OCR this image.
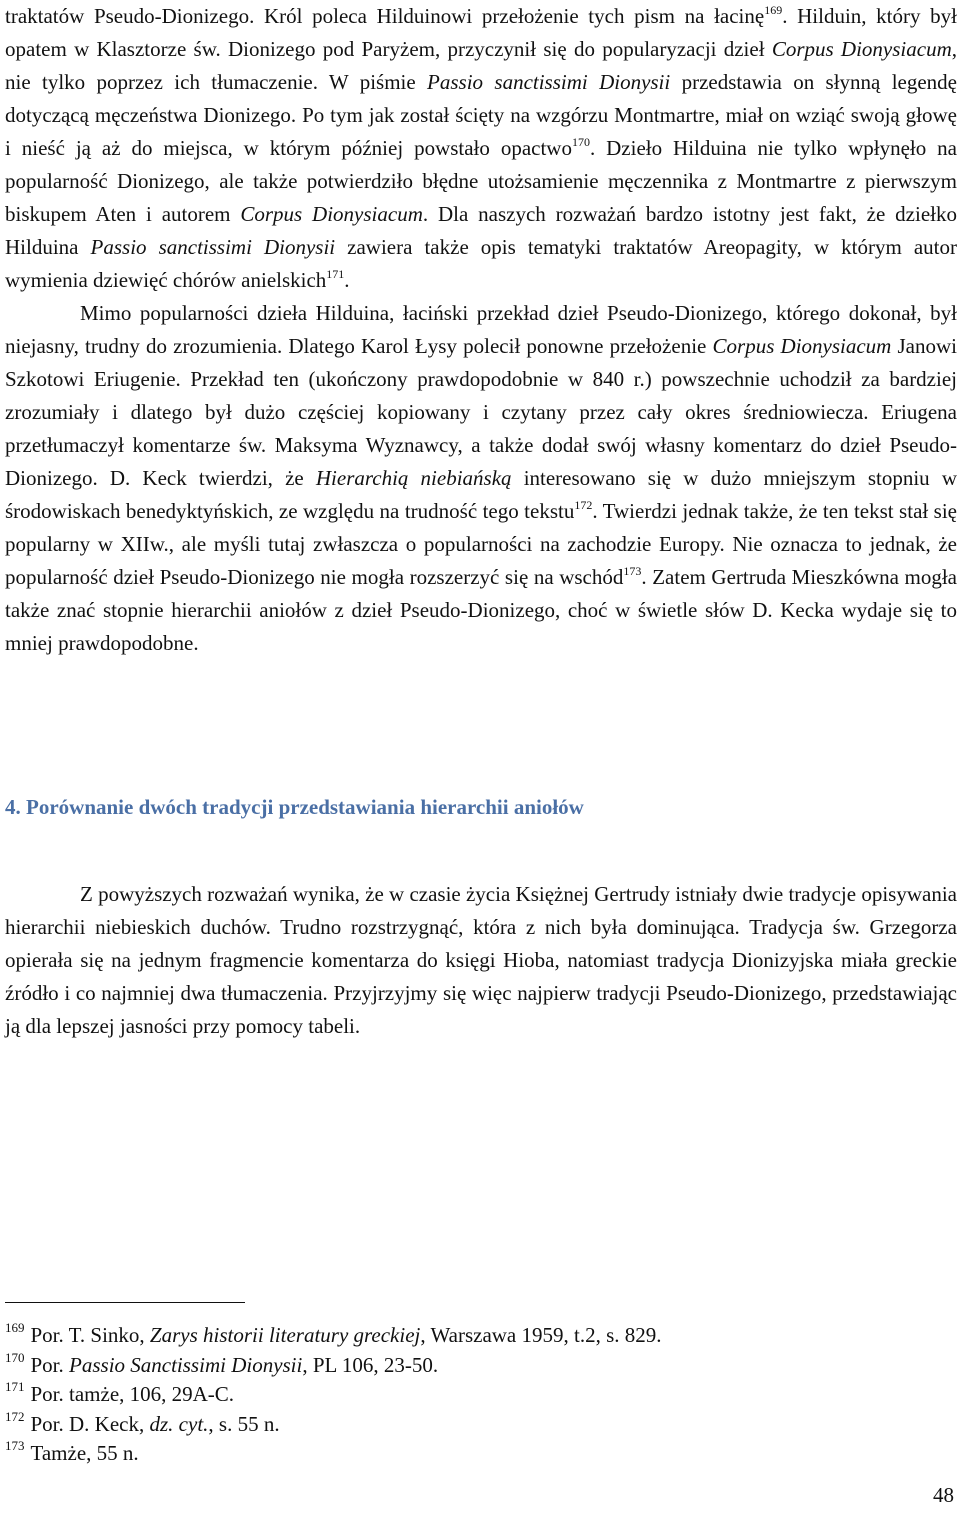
traktatów Pseudo-Dionizego. Król poleca Hilduinowi przełożenie tych pism na łacinę$^{169}$. Hilduin, który był opatem w Klasztorze św. Dionizego pod Paryżem, przyczynił się do popularyzacji dzieł Corpus Dionysiacum, nie tylko poprzez ich tłumaczenie. W piśmie Passio sanctissimi Dionysii przedstawia on słynną legendę dotyczącą męczeństwa Dionizego. Po tym jak został ścięty na wzgórzu Montmartre, miał on wziąć swoją głowę i nieść ją aż do miejsca, w którym później powstało opactwo$^{170}$. Dzieło Hilduina nie tylko wpłynęło na popularność Dionizego, ale także potwierdziło błędne utożsamienie męczennika z Montmartre z pierwszym biskupem Aten i autorem Corpus Dionysiacum. Dla naszych rozważań bardzo istotny jest fakt, że dziełko Hilduina Passio sanctissimi Dionysii zawiera także opis tematyki traktatów Areopagity, w którym autor wymienia dziewięć chórów anielskich$^{171}$.

Mimo popularności dzieła Hilduina, łaciński przekład dzieł Pseudo-Dionizego, którego dokonał, był niejasny, trudny do zrozumienia. Dlatego Karol Łysy polecił ponowne przełożenie Corpus Dionysiacum Janowi Szkotowi Eriugenie. Przekład ten (ukończony prawdopodobnie w 840 r.) powszechnie uchodził za bardziej zrozumiały i dlatego był dużo częściej kopiowany i czytany przez cały okres średniowiecza. Eriugena przetłumaczył komentarze św. Maksyma Wyznawcy, a także dodał swój własny komentarz do dzieł Pseudo-Dionizego. D. Keck twierdzi, że Hierarchią niebiańską interesowano się w dużo mniejszym stopniu w środowiskach benedyktyńskich, ze względu na trudność tego tekstu$^{172}$. Twierdzi jednak także, że ten tekst stał się popularny w XIIw., ale myśli tutaj zwłaszcza o popularności na zachodzie Europy. Nie oznacza to jednak, że popularność dzieł Pseudo-Dionizego nie mogła rozszerzyć się na wschód$^{173}$. Zatem Gertruda Mieszkówna mogła także znać stopnie hierarchii aniołów z dzieł Pseudo-Dionizego, choć w świetle słów D. Kecka wydaje się to mniej prawdopodobne.

4. Porównanie dwóch tradycji przedstawiania hierarchii aniołów

Z powyższych rozważań wynika, że w czasie życia Księżnej Gertrudy istniały dwie tradycje opisywania hierarchii niebieskich duchów. Trudno rozstrzygnąć, która z nich była dominująca. Tradycja św. Grzegorza opierała się na jednym fragmencie komentarza do księgi Hioba, natomiast tradycja Dionizyjska miała greckie źródło i co najmniej dwa tłumaczenia. Przyjrzyjmy się więc najpierw tradycji Pseudo-Dionizego, przedstawiając ją dla lepszej jasności przy pomocy tabeli.

$^{169}$ Por. T. Sinko, Zarys historii literatury greckiej, Warszawa 1959, t.2, s. 829.

$^{170}$ Por. Passio Sanctissimi Dionysii, PL 106, 23-50.

$^{171}$ Por. tamże, 106, 29A-C.

$^{172}$ Por. D. Keck, dz. cyt., s. 55 n.

$^{173}$ Tamże, 55 n.

48
